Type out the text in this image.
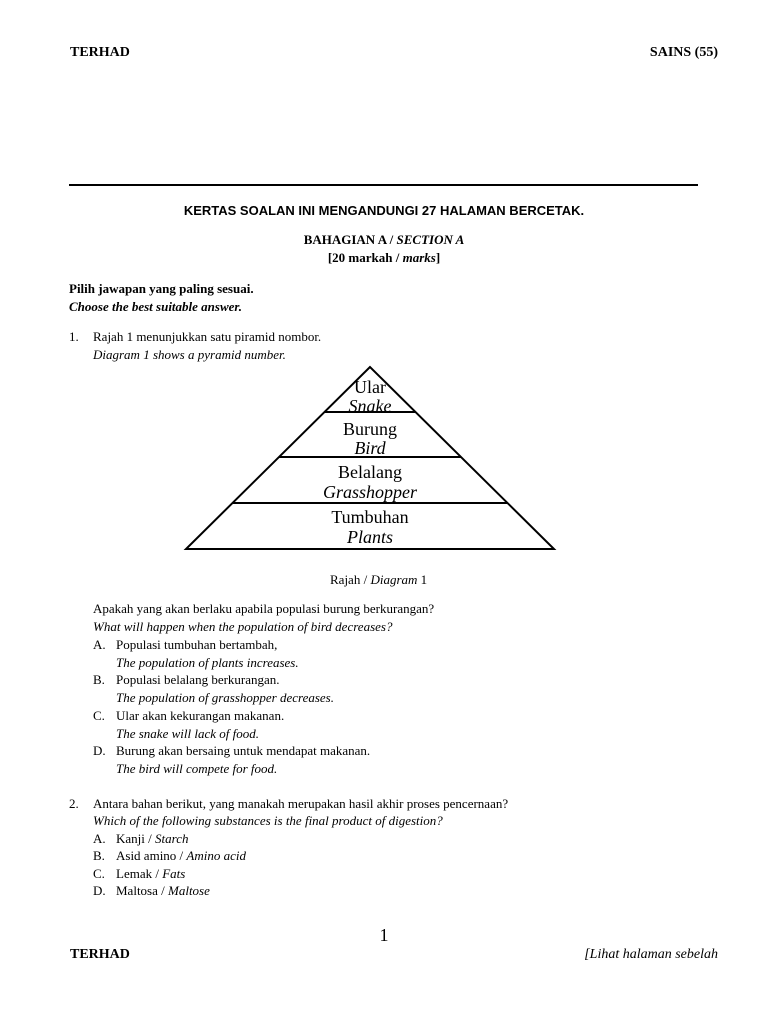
TERHAD	SAINS (55)
KERTAS SOALAN INI MENGANDUNGI 27 HALAMAN BERCETAK.
BAHAGIAN A / SECTION A
[20 markah / marks]
Pilih jawapan yang paling sesuai.
Choose the best suitable answer.
1. Rajah 1 menunjukkan satu piramid nombor.
Diagram 1 shows a pyramid number.
Ular
Snake
Burung
Bird
Belalang
Grasshopper
Tumbuhan
Plants
Rajah / Diagram 1
Apakah yang akan berlaku apabila populasi burung berkurangan?
What will happen when the population of bird decreases?
A. Populasi tumbuhan bertambah,
The population of plants increases.
B. Populasi belalang berkurangan.
The population of grasshopper decreases.
C. Ular akan kekurangan makanan.
The snake will lack of food.
D. Burung akan bersaing untuk mendapat makanan.
The bird will compete for food.
2. Antara bahan berikut, yang manakah merupakan hasil akhir proses pencernaan?
Which of the following substances is the final product of digestion?
A. Kanji / Starch
B. Asid amino / Amino acid
C. Lemak / Fats
D. Maltosa / Maltose
1
TERHAD	[Lihat halaman sebelah
